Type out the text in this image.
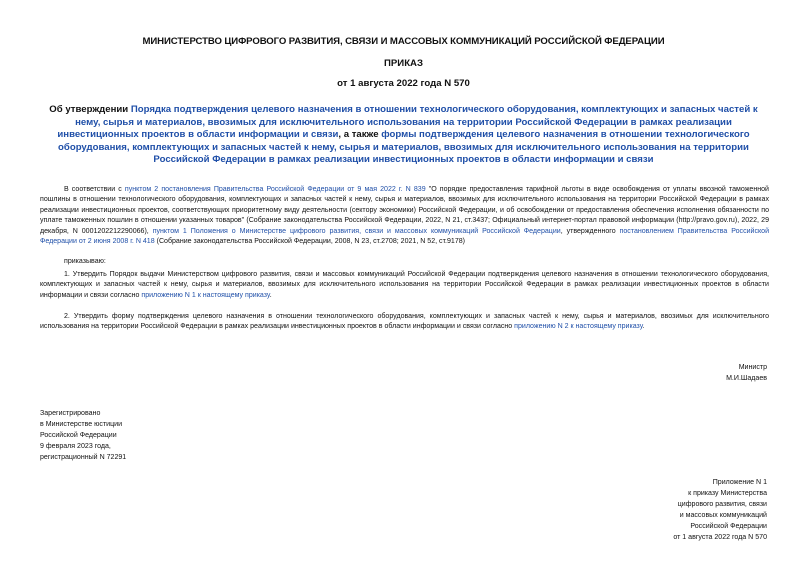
МИНИСТЕРСТВО ЦИФРОВОГО РАЗВИТИЯ, СВЯЗИ И МАССОВЫХ КОММУНИКАЦИЙ РОССИЙСКОЙ ФЕДЕРАЦИИ
ПРИКАЗ
от 1 августа 2022 года N 570
Об утверждении Порядка подтверждения целевого назначения в отношении технологического оборудования, комплектующих и запасных частей к нему, сырья и материалов, ввозимых для исключительного использования на территории Российской Федерации в рамках реализации инвестиционных проектов в области информации и связи, а также формы подтверждения целевого назначения в отношении технологического оборудования, комплектующих и запасных частей к нему, сырья и материалов, ввозимых для исключительного использования на территории Российской Федерации в рамках реализации инвестиционных проектов в области информации и связи
В соответствии с пунктом 2 постановления Правительства Российской Федерации от 9 мая 2022 г. N 839 "О порядке предоставления тарифной льготы в виде освобождения от уплаты ввозной таможенной пошлины в отношении технологического оборудования, комплектующих и запасных частей к нему, сырья и материалов, ввозимых для исключительного использования на территории Российской Федерации в рамках реализации инвестиционных проектов, соответствующих приоритетному виду деятельности (сектору экономики) Российской Федерации, и об освобождении от предоставления обеспечения исполнения обязанности по уплате таможенных пошлин в отношении указанных товаров" (Собрание законодательства Российской Федерации, 2022, N 21, ст.3437; Официальный интернет-портал правовой информации (http://pravo.gov.ru), 2022, 29 декабря, N 0001202212290066), пунктом 1 Положения о Министерстве цифрового развития, связи и массовых коммуникаций Российской Федерации, утвержденного постановлением Правительства Российской Федерации от 2 июня 2008 г. N 418 (Собрание законодательства Российской Федерации, 2008, N 23, ст.2708; 2021, N 52, ст.9178)
приказываю:
1. Утвердить Порядок выдачи Министерством цифрового развития, связи и массовых коммуникаций Российской Федерации подтверждения целевого назначения в отношении технологического оборудования, комплектующих и запасных частей к нему, сырья и материалов, ввозимых для исключительного использования на территории Российской Федерации в рамках реализации инвестиционных проектов в области информации и связи согласно приложению N 1 к настоящему приказу.
2. Утвердить форму подтверждения целевого назначения в отношении технологического оборудования, комплектующих и запасных частей к нему, сырья и материалов, ввозимых для исключительного использования на территории Российской Федерации в рамках реализации инвестиционных проектов в области информации и связи согласно приложению N 2 к настоящему приказу.
Министр
М.И.Шадаев
Зарегистрировано
в Министерстве юстиции
Российской Федерации
9 февраля 2023 года,
регистрационный N 72291
Приложение N 1
к приказу Министерства
цифрового развития, связи
и массовых коммуникаций
Российской Федерации
от 1 августа 2022 года N 570
